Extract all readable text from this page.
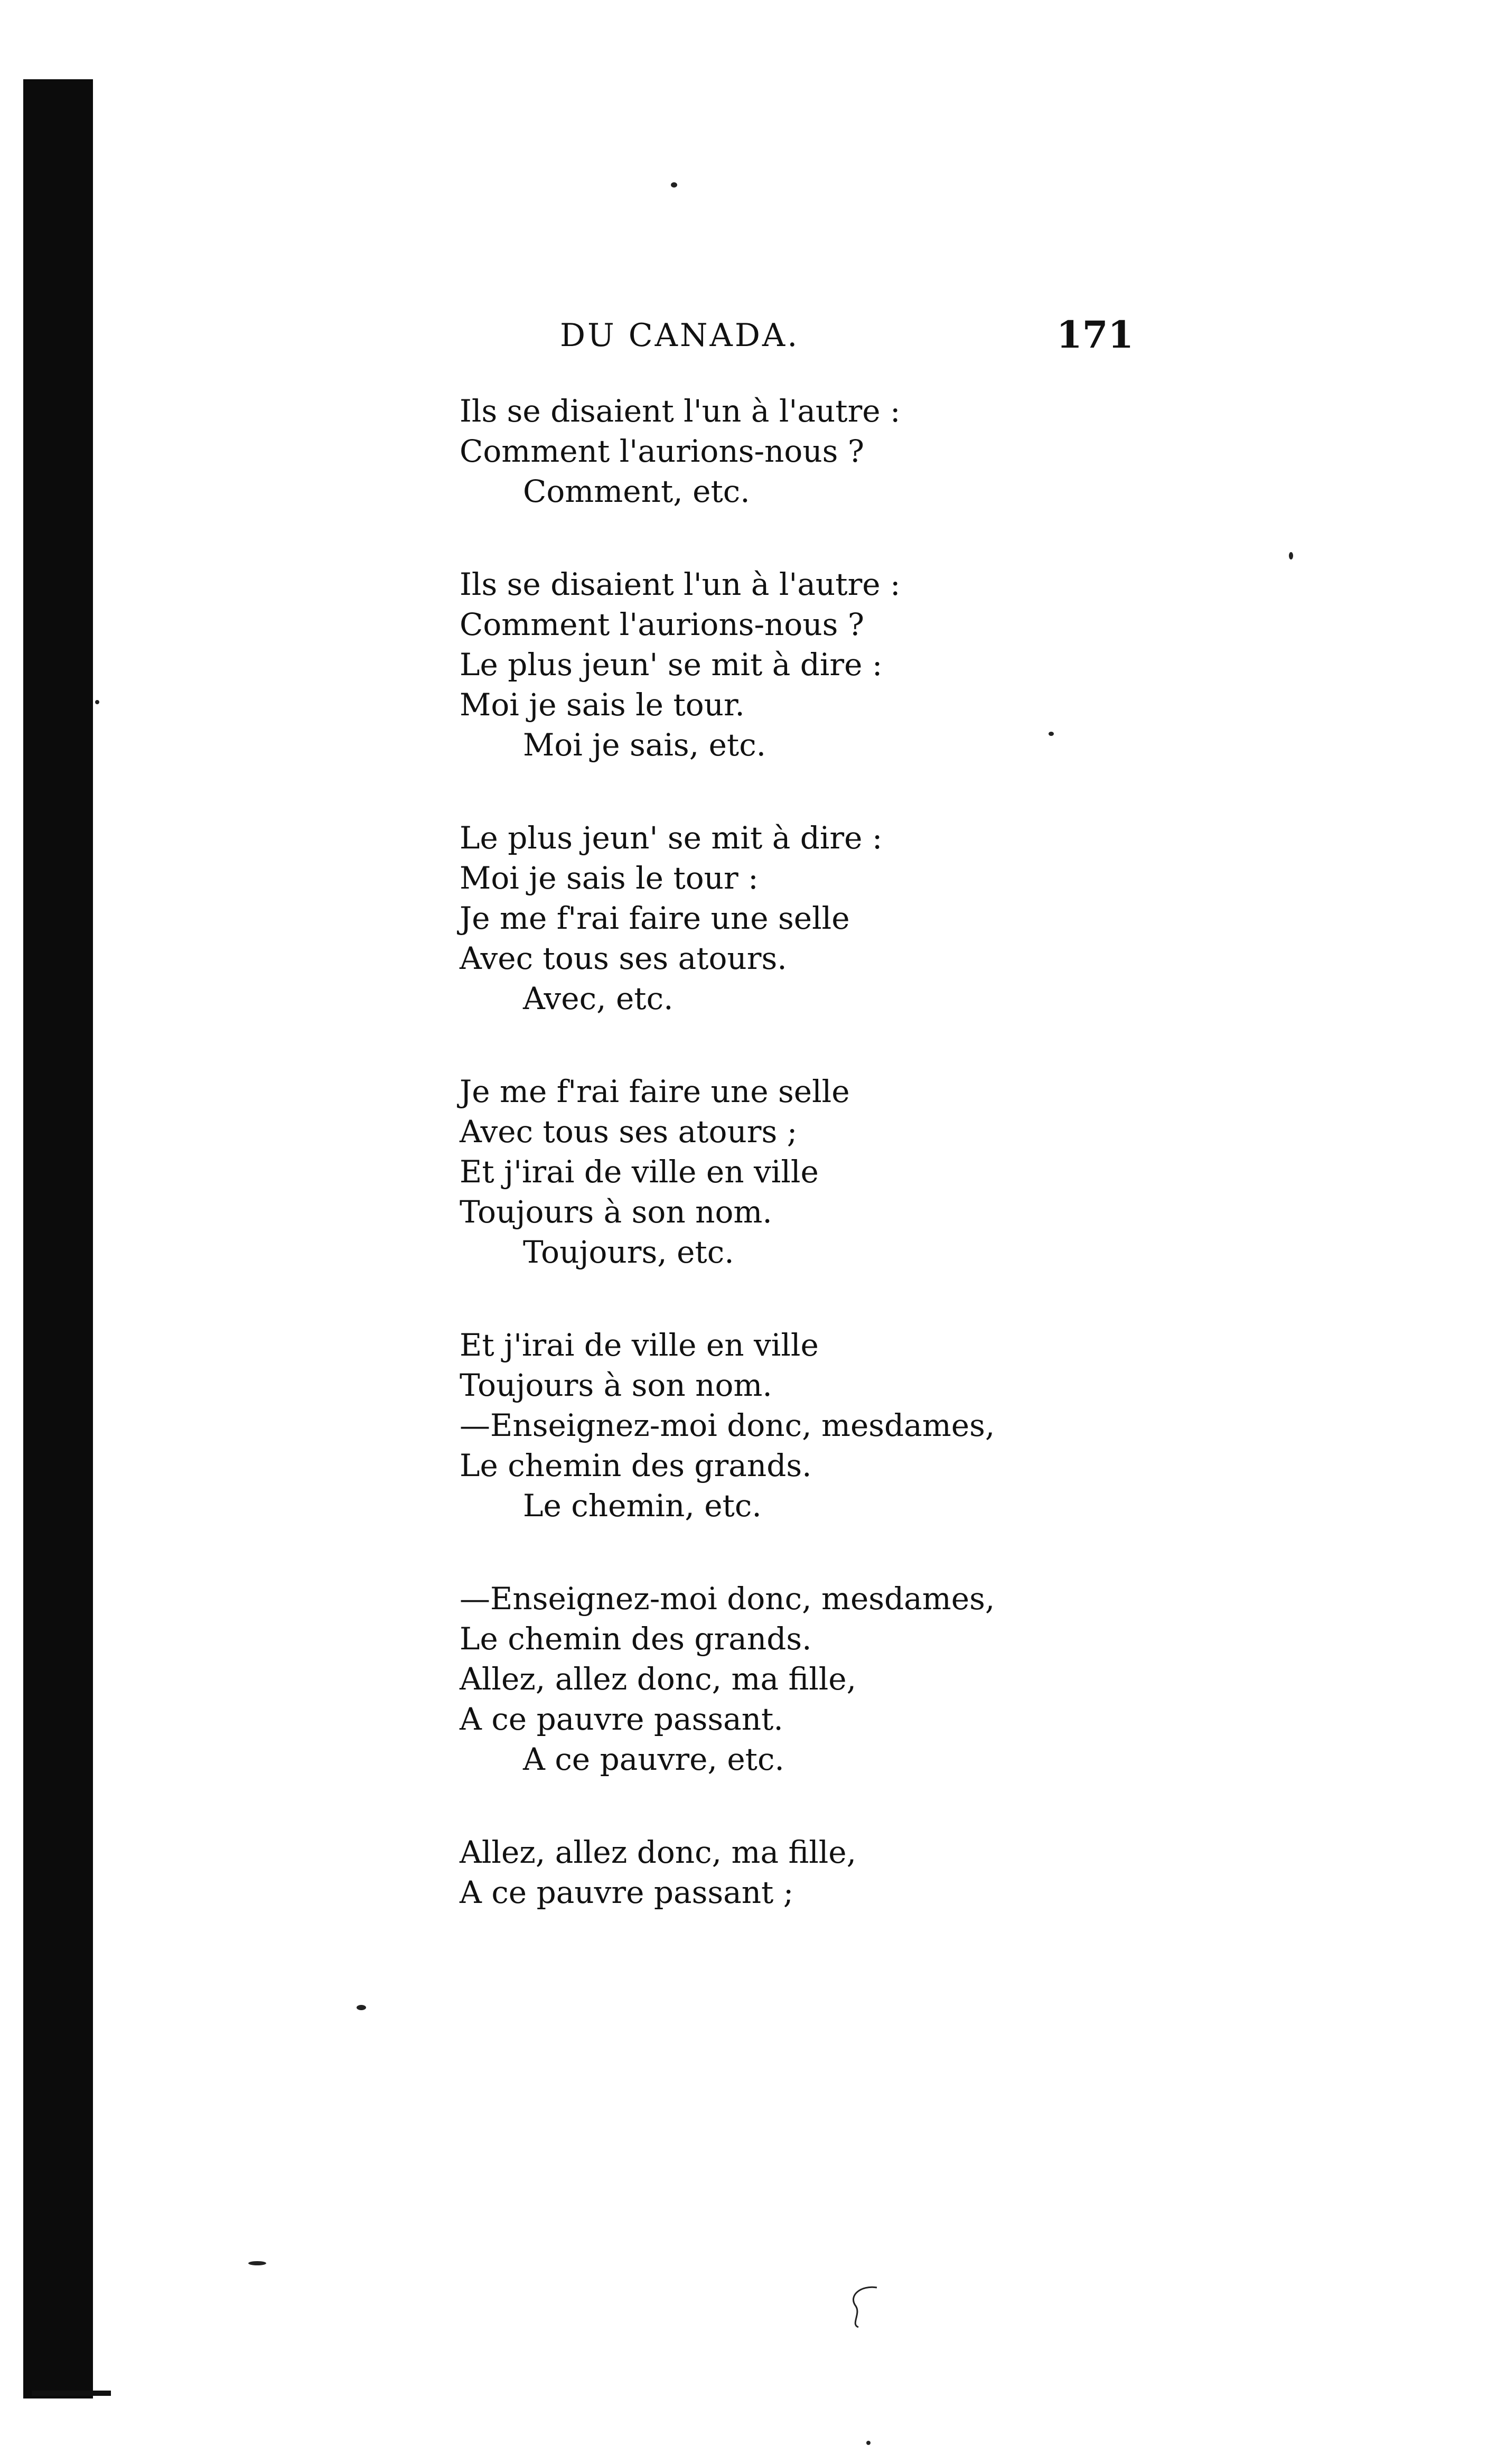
DU CANADA.	171
Ils se disaient l'un à l'autre :
Comment l'aurions-nous ?
Comment, etc.
Ils se disaient l'un à l'autre :
Comment l'aurions-nous ?
Le plus jeun' se mit à dire :
Moi je sais le tour.
Moi je sais, etc.
Le plus jeun' se mit à dire :
Moi je sais le tour :
Je me f'rai faire une selle
Avec tous ses atours.
Avec, etc.
Je me f'rai faire une selle
Avec tous ses atours ;
Et j'irai de ville en ville
Toujours à son nom.
Toujours, etc.
Et j'irai de ville en ville
Toujours à son nom.
—Enseignez-moi donc, mesdames,
Le chemin des grands.
Le chemin, etc.
—Enseignez-moi donc, mesdames,
Le chemin des grands.
Allez, allez donc, ma fille,
A ce pauvre passant.
A ce pauvre, etc.
Allez, allez donc, ma fille,
A ce pauvre passant ;
